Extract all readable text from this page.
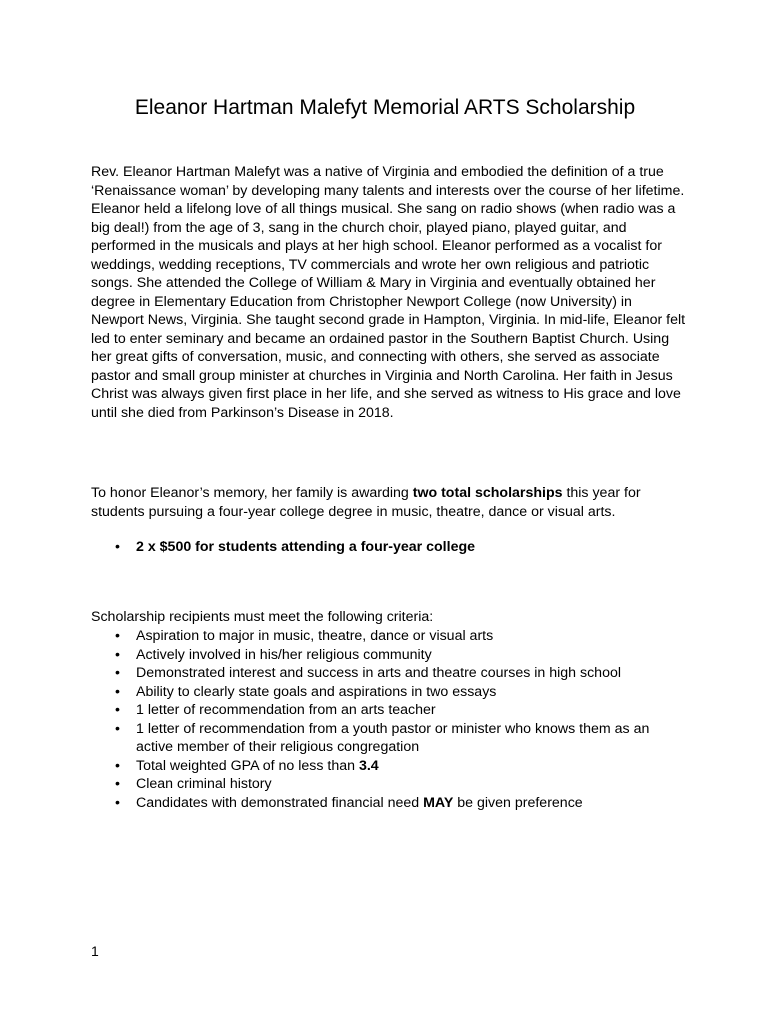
Eleanor Hartman Malefyt Memorial ARTS Scholarship

Rev. Eleanor Hartman Malefyt was a native of Virginia and embodied the definition of a true ‘Renaissance woman’ by developing many talents and interests over the course of her lifetime. Eleanor held a lifelong love of all things musical. She sang on radio shows (when radio was a big deal!) from the age of 3, sang in the church choir, played piano, played guitar, and performed in the musicals and plays at her high school. Eleanor performed as a vocalist for weddings, wedding receptions, TV commercials and wrote her own religious and patriotic songs. She attended the College of William & Mary in Virginia and eventually obtained her degree in Elementary Education from Christopher Newport College (now University) in Newport News, Virginia. She taught second grade in Hampton, Virginia. In mid-life, Eleanor felt led to enter seminary and became an ordained pastor in the Southern Baptist Church. Using her great gifts of conversation, music, and connecting with others, she served as associate pastor and small group minister at churches in Virginia and North Carolina. Her faith in Jesus Christ was always given first place in her life, and she served as witness to His grace and love until she died from Parkinson’s Disease in 2018.

To honor Eleanor’s memory, her family is awarding two total scholarships this year for students pursuing a four-year college degree in music, theatre, dance or visual arts.

• 2 x $500 for students attending a four-year college

Scholarship recipients must meet the following criteria:

• Aspiration to major in music, theatre, dance or visual arts
• Actively involved in his/her religious community
• Demonstrated interest and success in arts and theatre courses in high school
• Ability to clearly state goals and aspirations in two essays
• 1 letter of recommendation from an arts teacher
• 1 letter of recommendation from a youth pastor or minister who knows them as an active member of their religious congregation
• Total weighted GPA of no less than 3.4
• Clean criminal history
• Candidates with demonstrated financial need MAY be given preference
1
